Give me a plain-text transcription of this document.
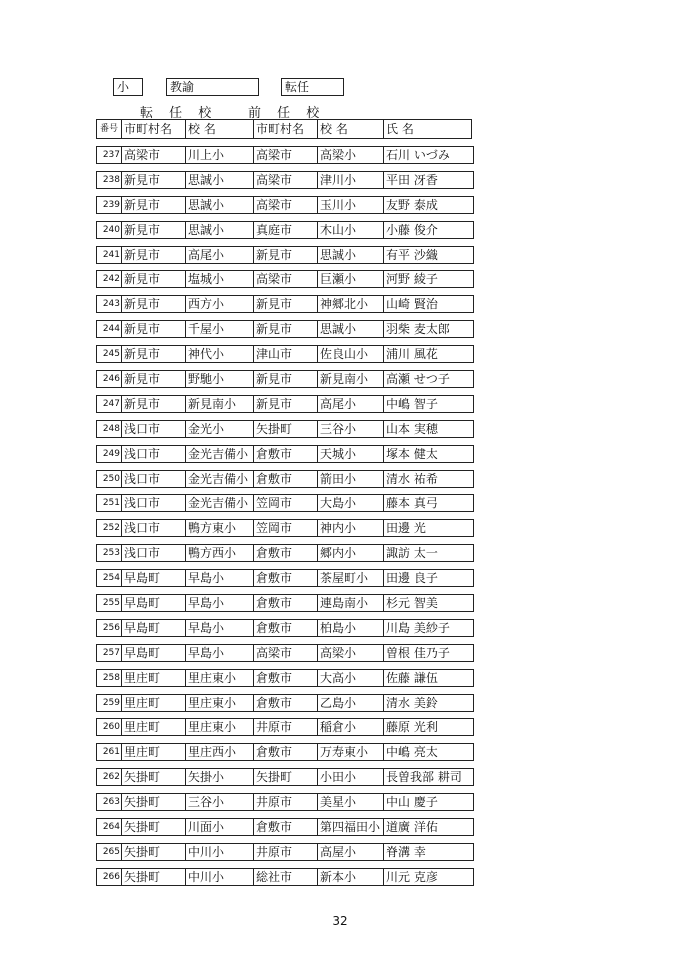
小	教諭	転任
転 任 校 前 任 校
番号 市町村名	校 名	市町村名	校 名	氏 名
237 高梁市	川上小	高梁市	高梁小	石川 いづみ
238 新見市	思誠小	高梁市	津川小	平田 冴香
239 新見市	思誠小	高梁市	玉川小	友野 泰成
240 新見市	思誠小	真庭市	木山小	小藤 俊介
241 新見市	高尾小	新見市	思誠小	有平 沙織
242 新見市	塩城小	高梁市	巨瀬小	河野 綾子
243 新見市	西方小	新見市	神郷北小	山崎 賢治
244 新見市	千屋小	新見市	思誠小	羽柴 麦太郎
245 新見市	神代小	津山市	佐良山小	浦川 風花
246 新見市	野馳小	新見市	新見南小	高瀬 せつ子
247 新見市	新見南小	新見市	高尾小	中嶋 智子
248 浅口市	金光小	矢掛町	三谷小	山本 実穂
249 浅口市	金光吉備小 倉敷市	天城小	塚本 健太
250 浅口市	金光吉備小 倉敷市	箭田小	清水 祐希
251 浅口市	金光吉備小 笠岡市	大島小	藤本 真弓
252 浅口市	鴨方東小	笠岡市	神内小	田邊 光
253 浅口市	鴨方西小	倉敷市	郷内小	諏訪 太一
254 早島町	早島小	倉敷市	茶屋町小	田邊 良子
255 早島町	早島小	倉敷市	連島南小	杉元 智美
256 早島町	早島小	倉敷市	柏島小	川島 美紗子
257 早島町	早島小	高梁市	高梁小	曽根 佳乃子
258 里庄町	里庄東小	倉敷市	大高小	佐藤 謙伍
259 里庄町	里庄東小	倉敷市	乙島小	清水 美鈴
260 里庄町	里庄東小	井原市	稲倉小	藤原 光利
261 里庄町	里庄西小	倉敷市	万寿東小	中嶋 亮太
262 矢掛町	矢掛小	矢掛町	小田小	長曽我部 耕司
263 矢掛町	三谷小	井原市	美星小	中山 慶子
264 矢掛町	川面小	倉敷市	第四福田小 道廣 洋佑
265 矢掛町	中川小	井原市	高屋小	脊溝 幸
266 矢掛町	中川小	総社市	新本小	川元 克彦
32
